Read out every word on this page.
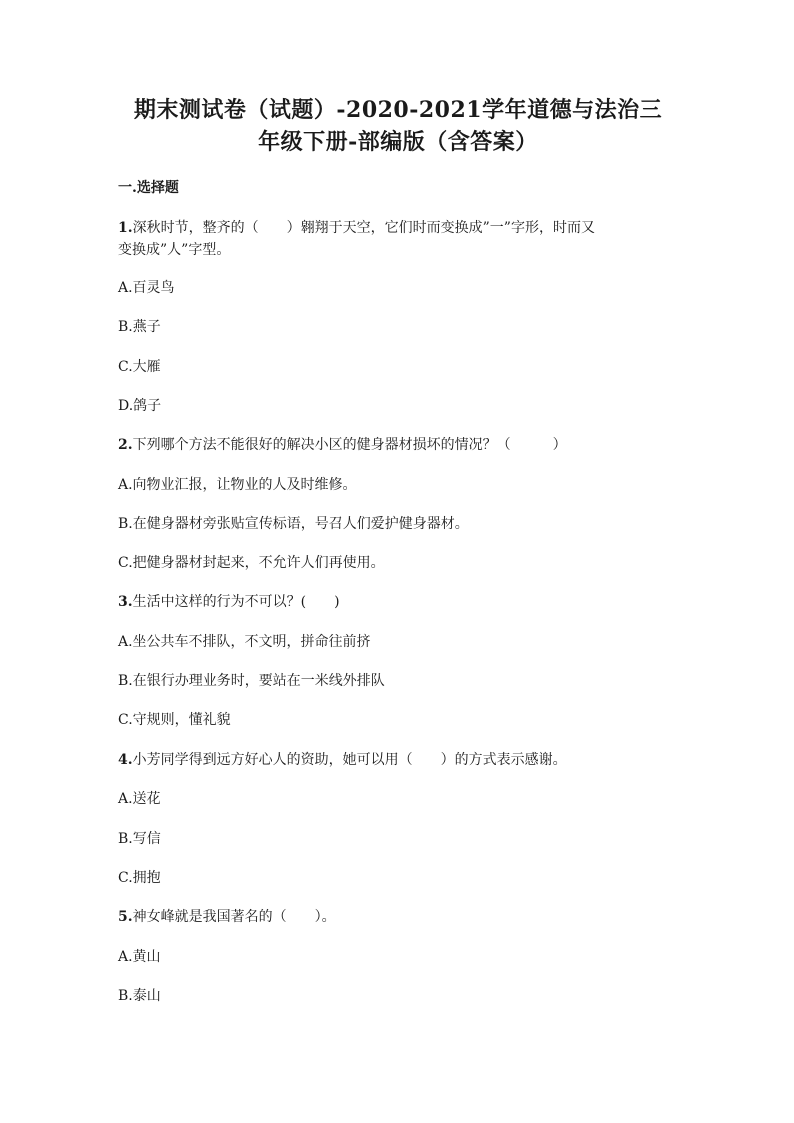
期末测试卷（试题）-2020-2021学年道德与法治三
年级下册-部编版（含答案）
一.选择题

1.深秋时节，整齐的（　　）翱翔于天空，它们时而变换成”一”字形，时而又

变换成”人”字型。

A.百灵鸟

B.燕子

C.大雁

D.鸽子

2.下列哪个方法不能很好的解决小区的健身器材损坏的情况？（　　　）

A.向物业汇报，让物业的人及时维修。

B.在健身器材旁张贴宣传标语，号召人们爱护健身器材。

C.把健身器材封起来，不允许人们再使用。

3.生活中这样的行为不可以？(　　)

A.坐公共车不排队，不文明，拼命往前挤

B.在银行办理业务时，要站在一米线外排队

C.守规则，懂礼貌

4.小芳同学得到远方好心人的资助，她可以用（　　）的方式表示感谢。

A.送花

B.写信

C.拥抱

5.神女峰就是我国著名的（　　）。

A.黄山

B.泰山
